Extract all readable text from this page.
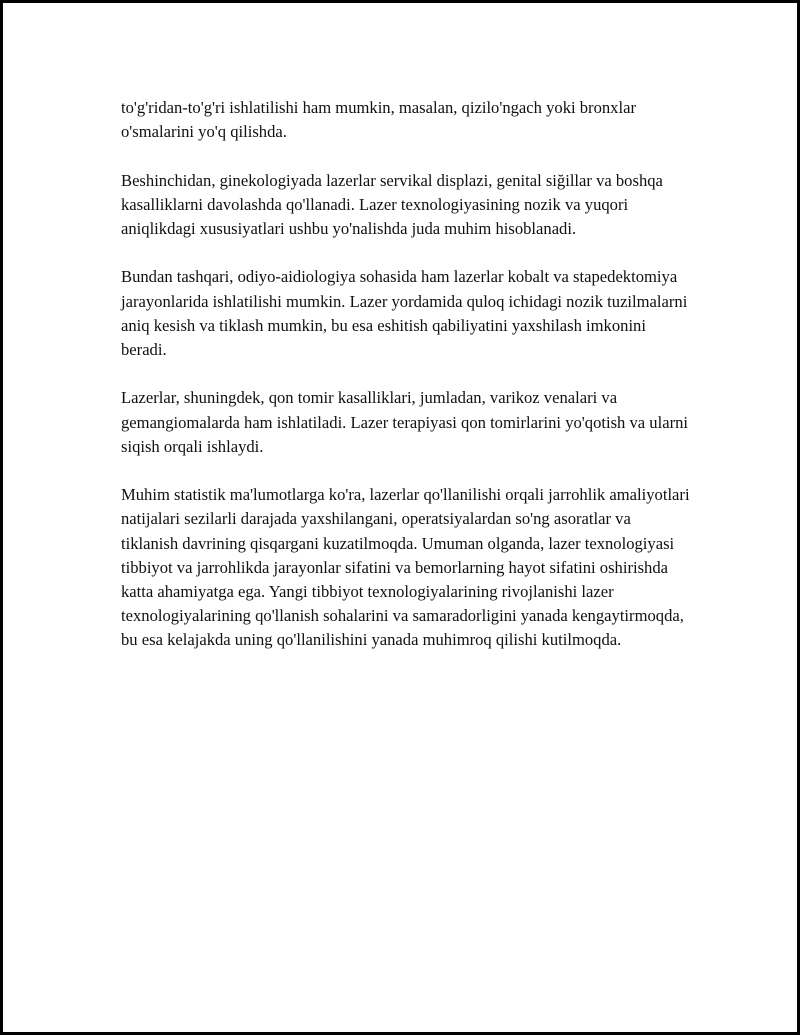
to'g'ridan-to'g'ri ishlatilishi ham mumkin, masalan, qizilo'ngach yoki bronxlar o'smalarini yo'q qilishda.

Beshinchidan, ginekologiyada lazerlar servikal displazi, genital siğillar va boshqa kasalliklarni davolashda qo'llanadi. Lazer texnologiyasining nozik va yuqori aniqlikdagi xususiyatlari ushbu yo'nalishda juda muhim hisoblanadi.

Bundan tashqari, odiyo-aidiologiya sohasida ham lazerlar kobalt va stapedektomiya jarayonlarida ishlatilishi mumkin. Lazer yordamida quloq ichidagi nozik tuzilmalarni aniq kesish va tiklash mumkin, bu esa eshitish qabiliyatini yaxshilash imkonini beradi.

Lazerlar, shuningdek, qon tomir kasalliklari, jumladan, varikoz venalari va gemangiomalarda ham ishlatiladi. Lazer terapiyasi qon tomirlarini yo'qotish va ularni siqish orqali ishlaydi.

Muhim statistik ma'lumotlarga ko'ra, lazerlar qo'llanilishi orqali jarrohlik amaliyotlari natijalari sezilarli darajada yaxshilangani, operatsiyalardan so'ng asoratlar va tiklanish davrining qisqargani kuzatilmoqda. Umuman olganda, lazer texnologiyasi tibbiyot va jarrohlikda jarayonlar sifatini va bemorlarning hayot sifatini oshirishda katta ahamiyatga ega. Yangi tibbiyot texnologiyalarining rivojlanishi lazer texnologiyalarining qo'llanish sohalarini va samaradorligini yanada kengaytirmoqda, bu esa kelajakda uning qo'llanilishini yanada muhimroq qilishi kutilmoqda.
